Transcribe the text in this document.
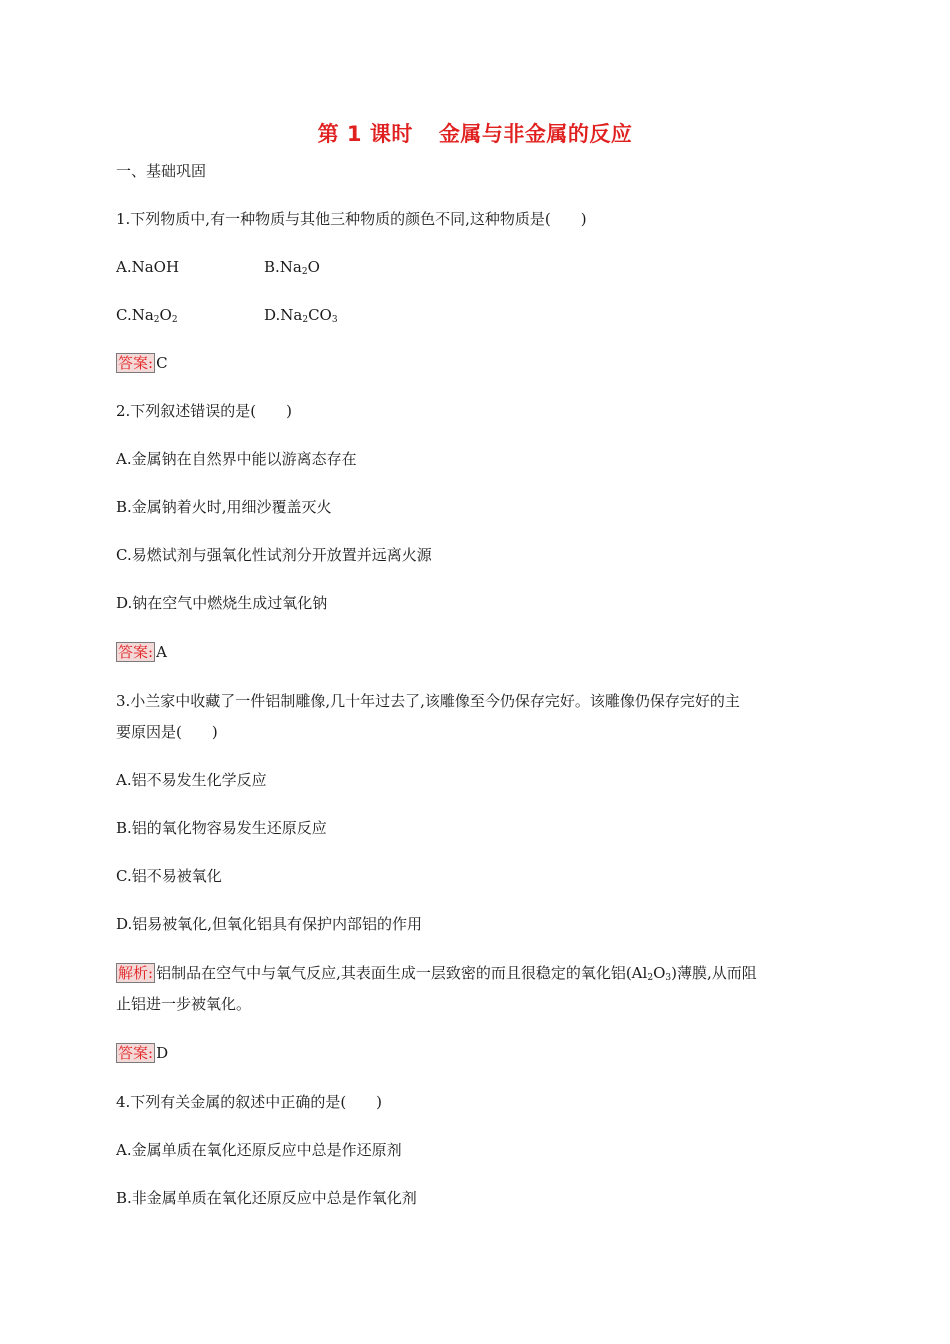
第 1 课时 金属与非金属的反应
一、基础巩固
1.下列物质中,有一种物质与其他三种物质的颜色不同,这种物质是(　　)
A.NaOH	$B.Na_2O$
$C.Na_2O_2$	$D.Na_2CO_3$
答案: C
2.下列叙述错误的是(　　)
A.金属钠在自然界中能以游离态存在
B.金属钠着火时,用细沙覆盖灭火
C.易燃试剂与强氧化性试剂分开放置并远离火源
D.钠在空气中燃烧生成过氧化钠
答案: A
3.小兰家中收藏了一件铝制雕像,几十年过去了,该雕像至今仍保存完好。该雕像仍保存完好的主
要原因是(　　)
A.铝不易发生化学反应
B.铝的氧化物容易发生还原反应
C.铝不易被氧化
D.铝易被氧化,但氧化铝具有保护内部铝的作用
解析: 铝制品在空气中与氧气反应,其表面生成一层致密的而且很稳定的氧化铝$(Al_2O_3)$薄膜,从而阻
止铝进一步被氧化。
答案: D
4.下列有关金属的叙述中正确的是(　　)
A.金属单质在氧化还原反应中总是作还原剂
B.非金属单质在氧化还原反应中总是作氧化剂
